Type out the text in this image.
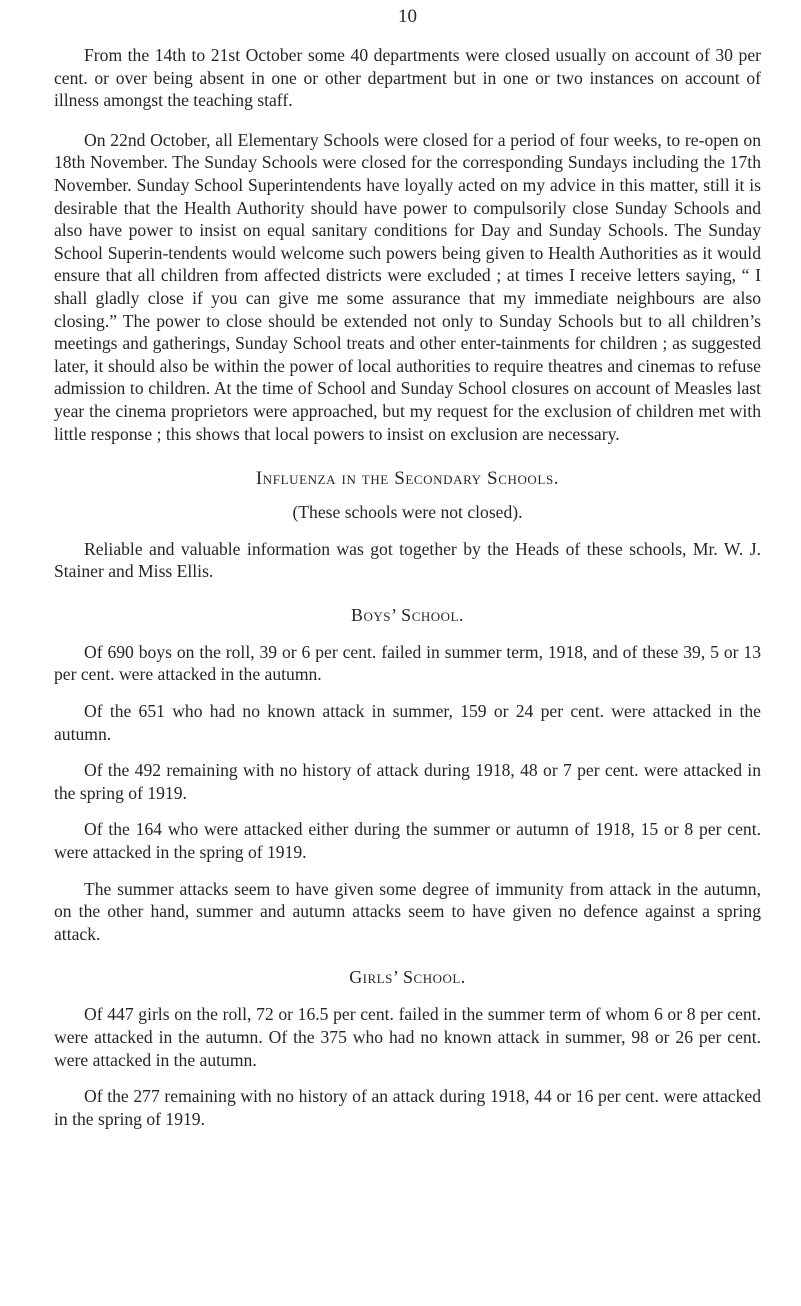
10

From the 14th to 21st October some 40 departments were closed usually on account of 30 per cent. or over being absent in one or other department but in one or two instances on account of illness amongst the teaching staff.

On 22nd October, all Elementary Schools were closed for a period of four weeks, to re-open on 18th November. The Sunday Schools were closed for the corresponding Sundays including the 17th November. Sunday School Superintendents have loyally acted on my advice in this matter, still it is desirable that the Health Authority should have power to compulsorily close Sunday Schools and also have power to insist on equal sanitary conditions for Day and Sunday Schools. The Sunday School Superin-tendents would welcome such powers being given to Health Authorities as it would ensure that all children from affected districts were excluded ; at times I receive letters saying, “ I shall gladly close if you can give me some assurance that my immediate neighbours are also closing.” The power to close should be extended not only to Sunday Schools but to all children’s meetings and gatherings, Sunday School treats and other enter-tainments for children ; as suggested later, it should also be within the power of local authorities to require theatres and cinemas to refuse admission to children. At the time of School and Sunday School closures on account of Measles last year the cinema proprietors were approached, but my request for the exclusion of children met with little response ; this shows that local powers to insist on exclusion are necessary.

Influenza in the Secondary Schools.

(These schools were not closed).

Reliable and valuable information was got together by the Heads of these schools, Mr. W. J. Stainer and Miss Ellis.

Boys’ School.

Of 690 boys on the roll, 39 or 6 per cent. failed in summer term, 1918, and of these 39, 5 or 13 per cent. were attacked in the autumn.

Of the 651 who had no known attack in summer, 159 or 24 per cent. were attacked in the autumn.

Of the 492 remaining with no history of attack during 1918, 48 or 7 per cent. were attacked in the spring of 1919.

Of the 164 who were attacked either during the summer or autumn of 1918, 15 or 8 per cent. were attacked in the spring of 1919.

The summer attacks seem to have given some degree of immunity from attack in the autumn, on the other hand, summer and autumn attacks seem to have given no defence against a spring attack.

Girls’ School.

Of 447 girls on the roll, 72 or 16.5 per cent. failed in the summer term of whom 6 or 8 per cent. were attacked in the autumn. Of the 375 who had no known attack in summer, 98 or 26 per cent. were attacked in the autumn.

Of the 277 remaining with no history of an attack during 1918, 44 or 16 per cent. were attacked in the spring of 1919.
